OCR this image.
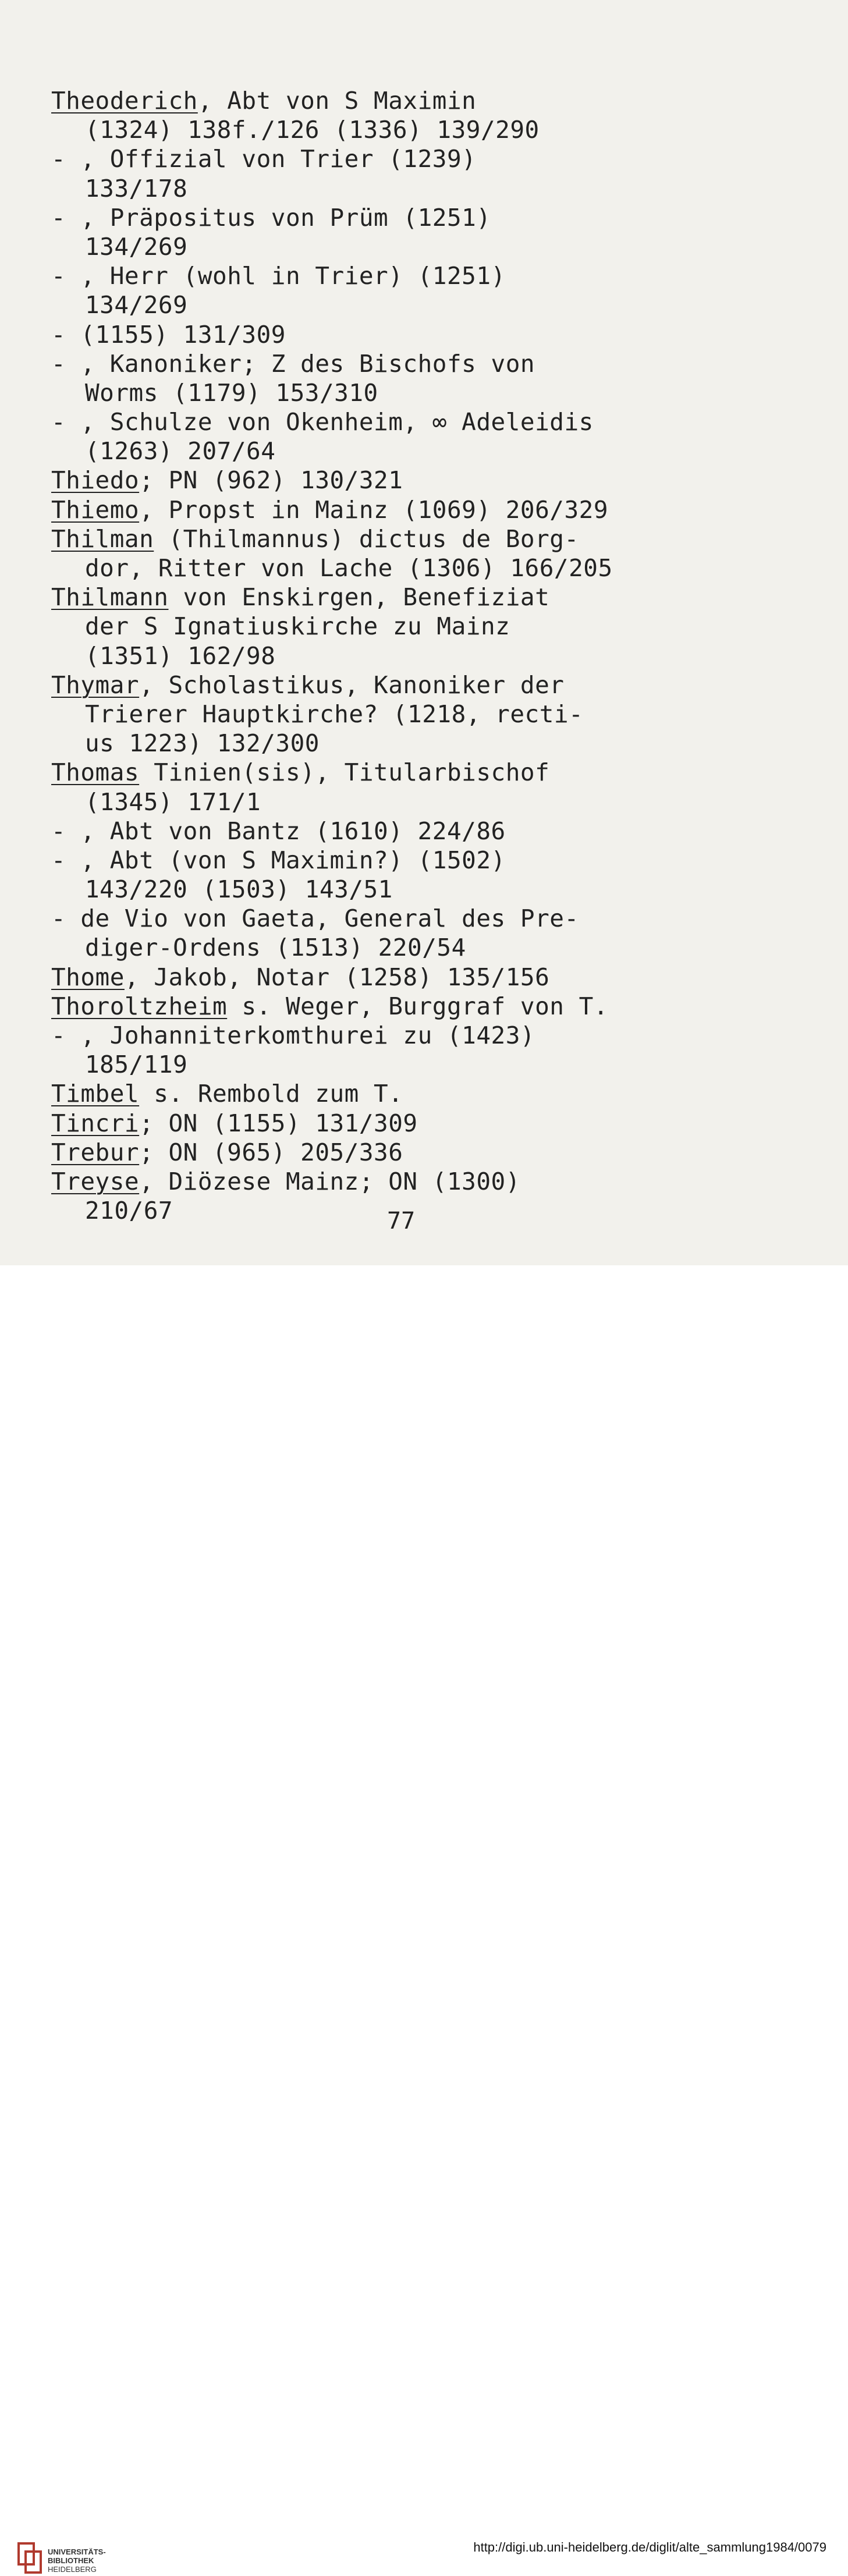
Theoderich, Abt von S Maximin
(1324) 138f./126 (1336) 139/290
- , Offizial von Trier (1239)
133/178
- , Präpositus von Prüm (1251)
134/269
- , Herr (wohl in Trier) (1251)
134/269
- (1155) 131/309
- , Kanoniker; Z des Bischofs von
Worms (1179) 153/310
- , Schulze von Okenheim, ∞ Adeleidis
(1263) 207/64
Thiedo; PN (962) 130/321
Thiemo, Propst in Mainz (1069) 206/329
Thilman (Thilmannus) dictus de Borg-
dor, Ritter von Lache (1306) 166/205
Thilmann von Enskirgen, Benefiziat
der S Ignatiuskirche zu Mainz
(1351) 162/98
Thymar, Scholastikus, Kanoniker der
Trierer Hauptkirche? (1218, recti-
us 1223) 132/300
Thomas Tinien(sis), Titularbischof
(1345) 171/1
- , Abt von Bantz (1610) 224/86
- , Abt (von S Maximin?) (1502)
143/220 (1503) 143/51
- de Vio von Gaeta, General des Pre-
diger-Ordens (1513) 220/54
Thome, Jakob, Notar (1258) 135/156
Thoroltzheim s. Weger, Burggraf von T.
- , Johanniterkomthurei zu (1423)
185/119
Timbel s. Rembold zum T.
Tincri; ON (1155) 131/309
Trebur; ON (965) 205/336
Treyse, Diözese Mainz; ON (1300)
210/67	77
UNIVERSITÄTS-
BIBLIOTHEK
HEIDELBERG
http://digi.ub.uni-heidelberg.de/diglit/alte_sammlung1984/0079
